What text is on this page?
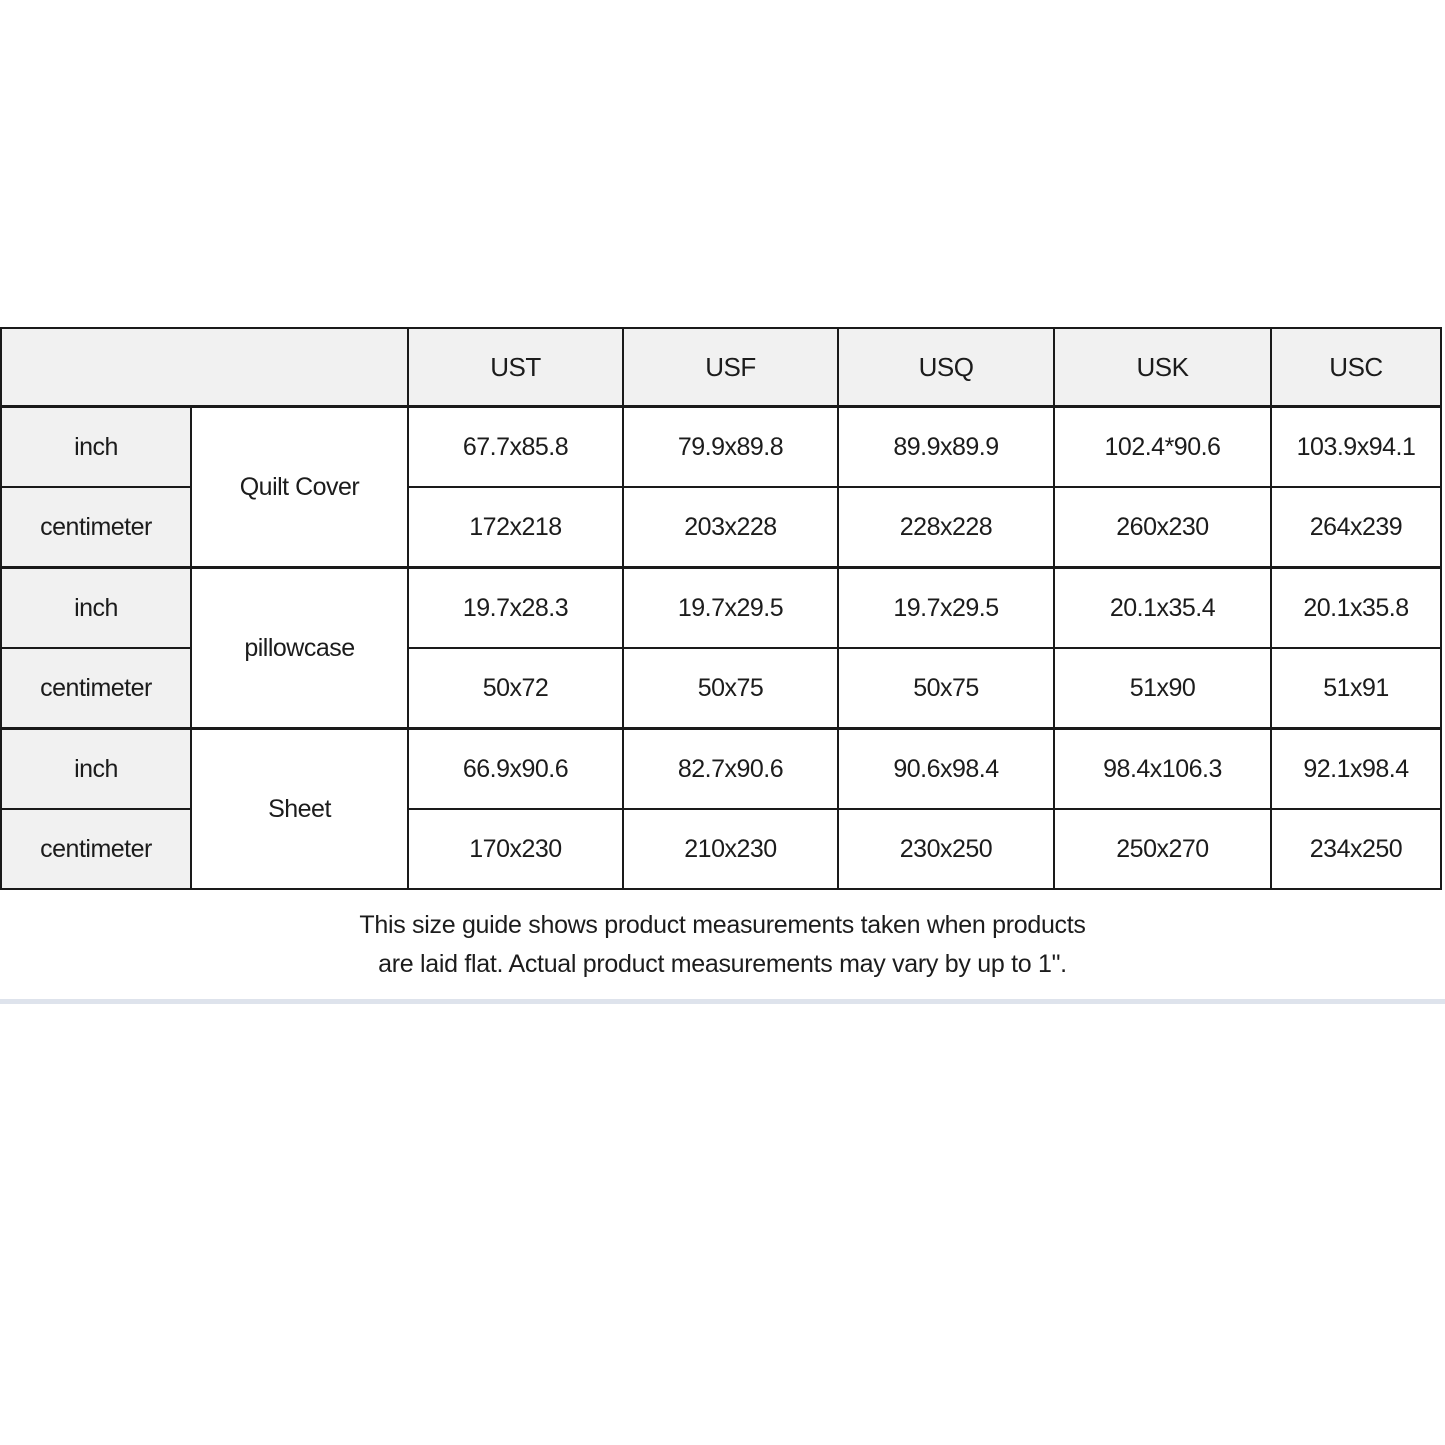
		UST	USF	USQ	USK	USC
inch	Quilt Cover	67.7x85.8	79.9x89.8	89.9x89.9	102.4*90.6	103.9x94.1
centimeter		172x218	203x228	228x228	260x230	264x239
inch	pillowcase	19.7x28.3	19.7x29.5	19.7x29.5	20.1x35.4	20.1x35.8
centimeter		50x72	50x75	50x75	51x90	51x91
inch	Sheet	66.9x90.6	82.7x90.6	90.6x98.4	98.4x106.3	92.1x98.4
centimeter		170x230	210x230	230x250	250x270	234x250
This size guide shows product measurements taken when products
are laid flat. Actual product measurements may vary by up to 1".
